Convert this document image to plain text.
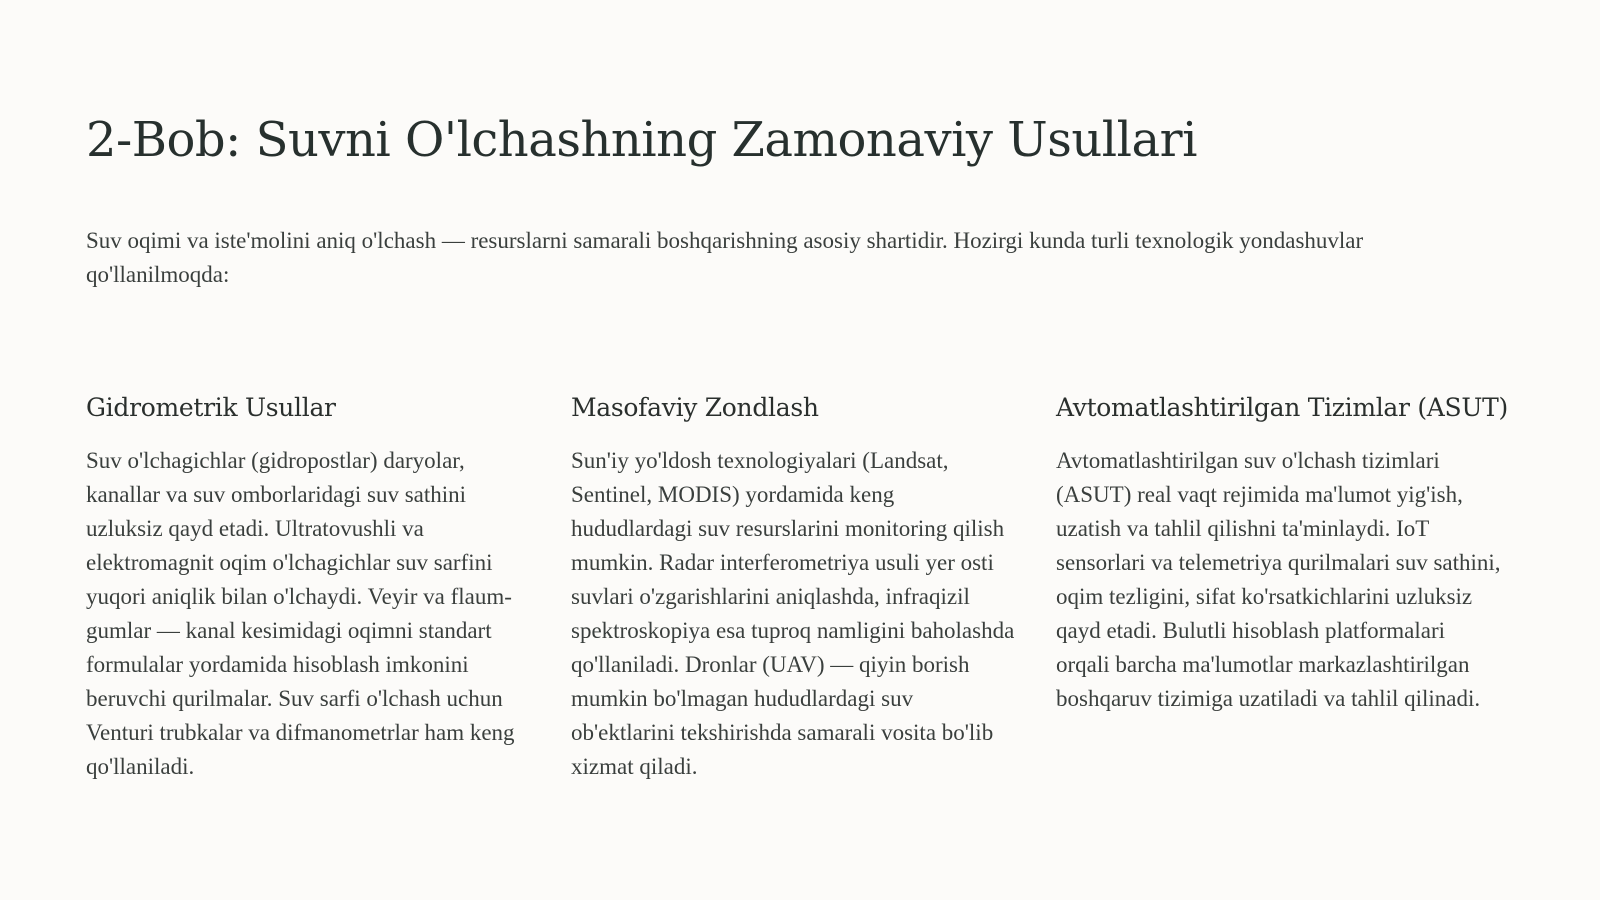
2-Bob: Suvni O'lchashning Zamonaviy Usullari

Suv oqimi va iste'molini aniq o'lchash — resurslarni samarali boshqarishning asosiy shartidir. Hozirgi kunda turli texnologik yondashuvlar qo'llanilmoqda:

Gidrometrik Usullar

Suv o'lchagichlar (gidropostlar) daryolar, kanallar va suv omborlaridagi suv sathini uzluksiz qayd etadi. Ultratovushli va elektromagnit oqim o'lchagichlar suv sarfini yuqori aniqlik bilan o'lchaydi. Veyir va flaum-gumlar — kanal kesimidagi oqimni standart formulalar yordamida hisoblash imkonini beruvchi qurilmalar. Suv sarfi o'lchash uchun Venturi trubkalar va difmanometrlar ham keng qo'llaniladi.

Masofaviy Zondlash

Sun'iy yo'ldosh texnologiyalari (Landsat, Sentinel, MODIS) yordamida keng hududlardagi suv resurslarini monitoring qilish mumkin. Radar interferometriya usuli yer osti suvlari o'zgarishlarini aniqlashda, infraqizil spektroskopiya esa tuproq namligini baholashda qo'llaniladi. Dronlar (UAV) — qiyin borish mumkin bo'lmagan hududlardagi suv ob'ektlarini tekshirishda samarali vosita bo'lib xizmat qiladi.

Avtomatlashtirilgan Tizimlar (ASUT)

Avtomatlashtirilgan suv o'lchash tizimlari (ASUT) real vaqt rejimida ma'lumot yig'ish, uzatish va tahlil qilishni ta'minlaydi. IoT sensorlari va telemetriya qurilmalari suv sathini, oqim tezligini, sifat ko'rsatkichlarini uzluksiz qayd etadi. Bulutli hisoblash platformalari orqali barcha ma'lumotlar markazlashtirilgan boshqaruv tizimiga uzatiladi va tahlil qilinadi.
